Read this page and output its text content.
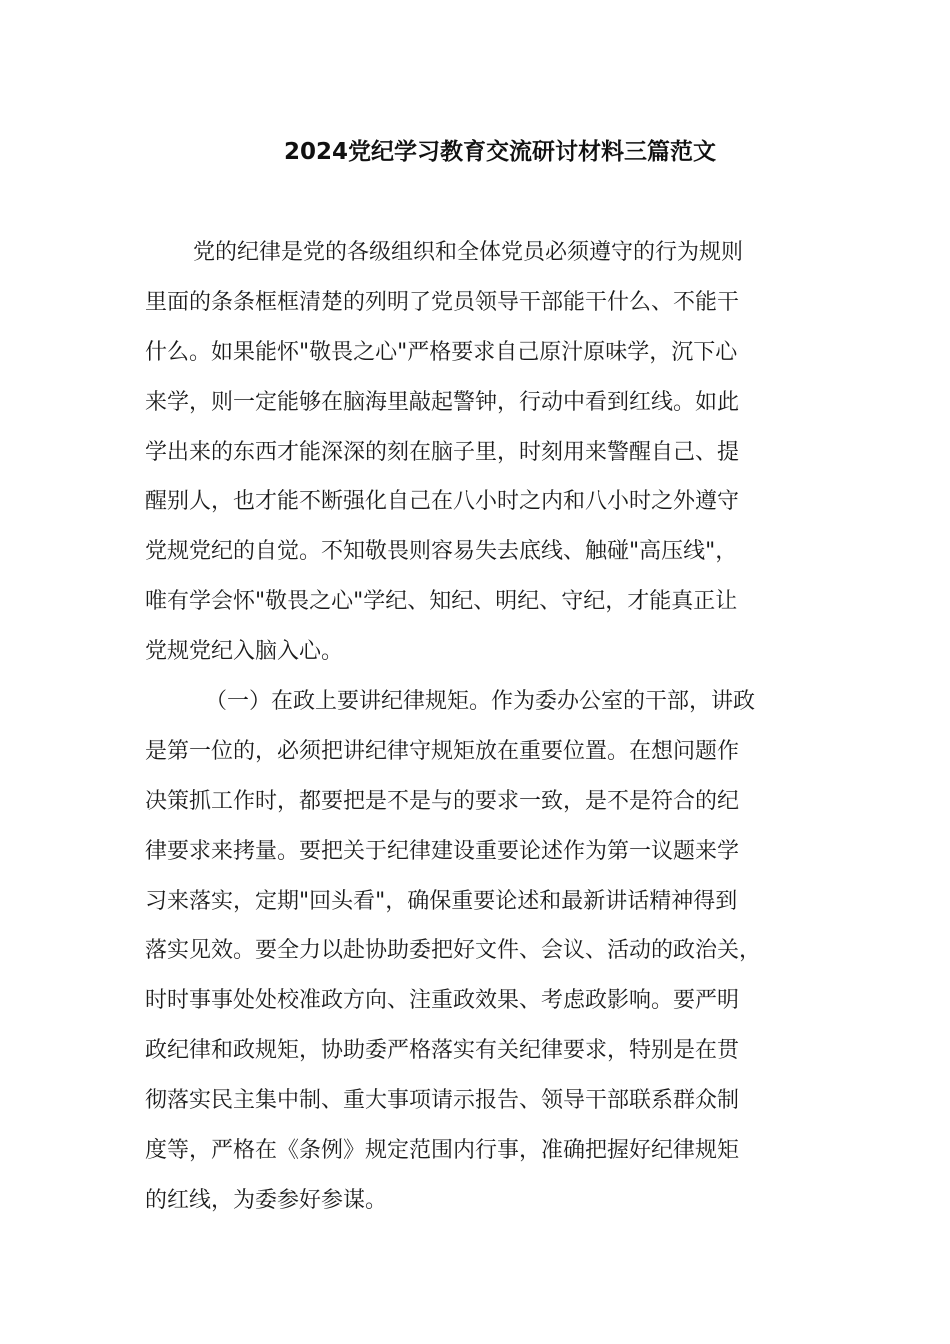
2024党纪学习教育交流研讨材料三篇范文
党的纪律是党的各级组织和全体党员必须遵守的行为规则
里面的条条框框清楚的列明了党员领导干部能干什么、不能干
什么。如果能怀"敬畏之心"严格要求自己原汁原味学，沉下心
来学，则一定能够在脑海里敲起警钟，行动中看到红线。如此
学出来的东西才能深深的刻在脑子里，时刻用来警醒自己、提
醒别人，也才能不断强化自己在八小时之内和八小时之外遵守
党规党纪的自觉。不知敬畏则容易失去底线、触碰"高压线"，
唯有学会怀"敬畏之心"学纪、知纪、明纪、守纪，才能真正让
党规党纪入脑入心。
（一）在政上要讲纪律规矩。作为委办公室的干部，讲政
是第一位的，必须把讲纪律守规矩放在重要位置。在想问题作
决策抓工作时，都要把是不是与的要求一致，是不是符合的纪
律要求来拷量。要把关于纪律建设重要论述作为第一议题来学
习来落实，定期"回头看"，确保重要论述和最新讲话精神得到
落实见效。要全力以赴协助委把好文件、会议、活动的政治关，
时时事事处处校准政方向、注重政效果、考虑政影响。要严明
政纪律和政规矩，协助委严格落实有关纪律要求，特别是在贯
彻落实民主集中制、重大事项请示报告、领导干部联系群众制
度等，严格在《条例》规定范围内行事，准确把握好纪律规矩
的红线，为委参好参谋。
